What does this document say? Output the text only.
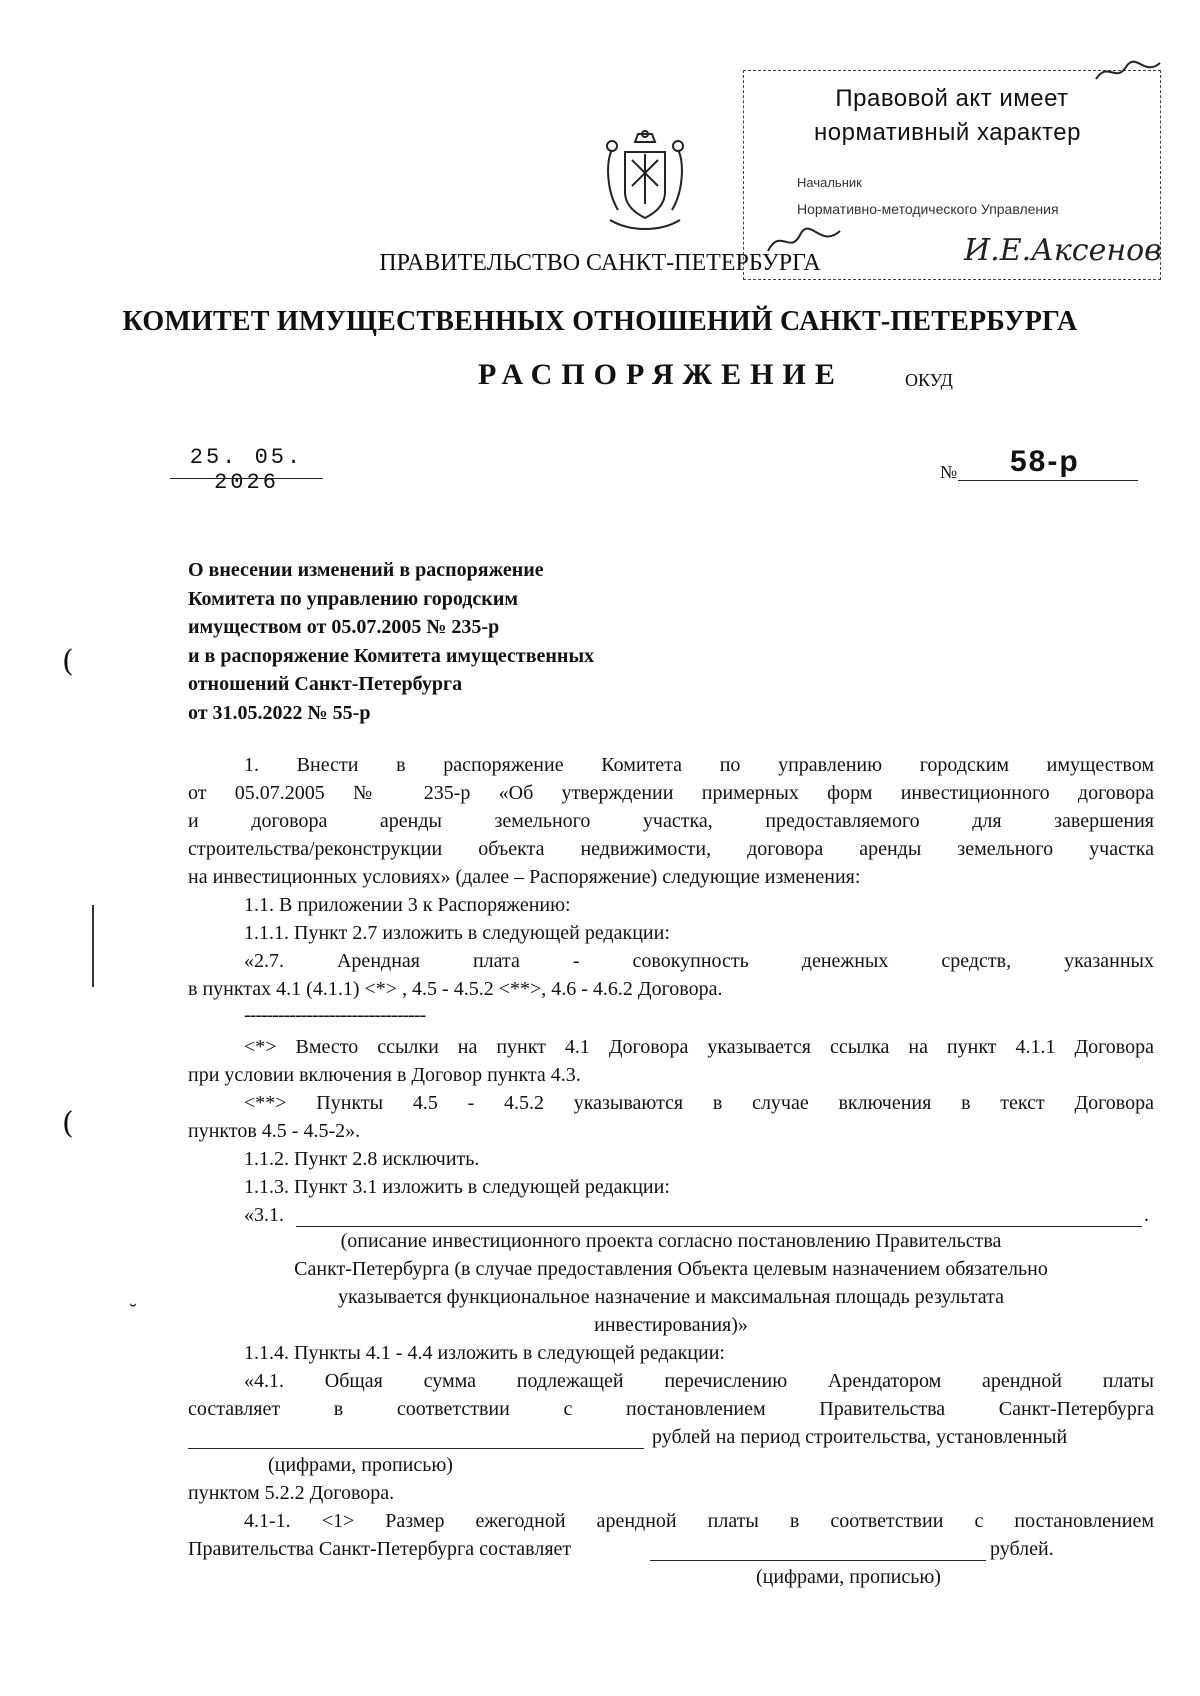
Правовой акт имеет
нормативный характер
Начальник
Нормативно-методического Управления
И.Е.Аксенов
ПРАВИТЕЛЬСТВО САНКТ-ПЕТЕРБУРГА
КОМИТЕТ ИМУЩЕСТВЕННЫХ ОТНОШЕНИЙ САНКТ-ПЕТЕРБУРГА
РАСПОРЯЖЕНИЕ	ОКУД
25. 05. 2026	№ 58-р
О внесении изменений в распоряжение
Комитета по управлению городским
имуществом от 05.07.2005 № 235-р
и в распоряжение Комитета имущественных
отношений Санкт-Петербурга
от 31.05.2022 № 55-р
(
(
˘
1. Внести в распоряжение Комитета по управлению городским имуществом
от 05.07.2005 № 235-р «Об утверждении примерных форм инвестиционного договора
и договора аренды земельного участка, предоставляемого для завершения
строительства/реконструкции объекта недвижимости, договора аренды земельного участка
на инвестиционных условиях» (далее – Распоряжение) следующие изменения:
1.1. В приложении 3 к Распоряжению:
1.1.1. Пункт 2.7 изложить в следующей редакции:
«2.7. Арендная плата - совокупность денежных средств, указанных
в пунктах 4.1 (4.1.1) <*> , 4.5 - 4.5.2 <**>, 4.6 - 4.6.2 Договора.
--------------------------------
<*> Вместо ссылки на пункт 4.1 Договора указывается ссылка на пункт 4.1.1 Договора
при условии включения в Договор пункта 4.3.
<**> Пункты 4.5 - 4.5.2 указываются в случае включения в текст Договора
пунктов 4.5 - 4.5-2».
1.1.2. Пункт 2.8 исключить.
1.1.3. Пункт 3.1 изложить в следующей редакции:
«3.1.	.
(описание инвестиционного проекта согласно постановлению Правительства
Санкт-Петербурга (в случае предоставления Объекта целевым назначением обязательно
указывается функциональное назначение и максимальная площадь результата
инвестирования)»
1.1.4. Пункты 4.1 - 4.4 изложить в следующей редакции:
«4.1. Общая сумма подлежащей перечислению Арендатором арендной платы
составляет в соответствии с постановлением Правительства Санкт-Петербурга
рублей на период строительства, установленный
(цифрами, прописью)
пунктом 5.2.2 Договора.
4.1-1. <1> Размер ежегодной арендной платы в соответствии с постановлением
Правительства Санкт-Петербурга составляет	рублей.
(цифрами, прописью)
